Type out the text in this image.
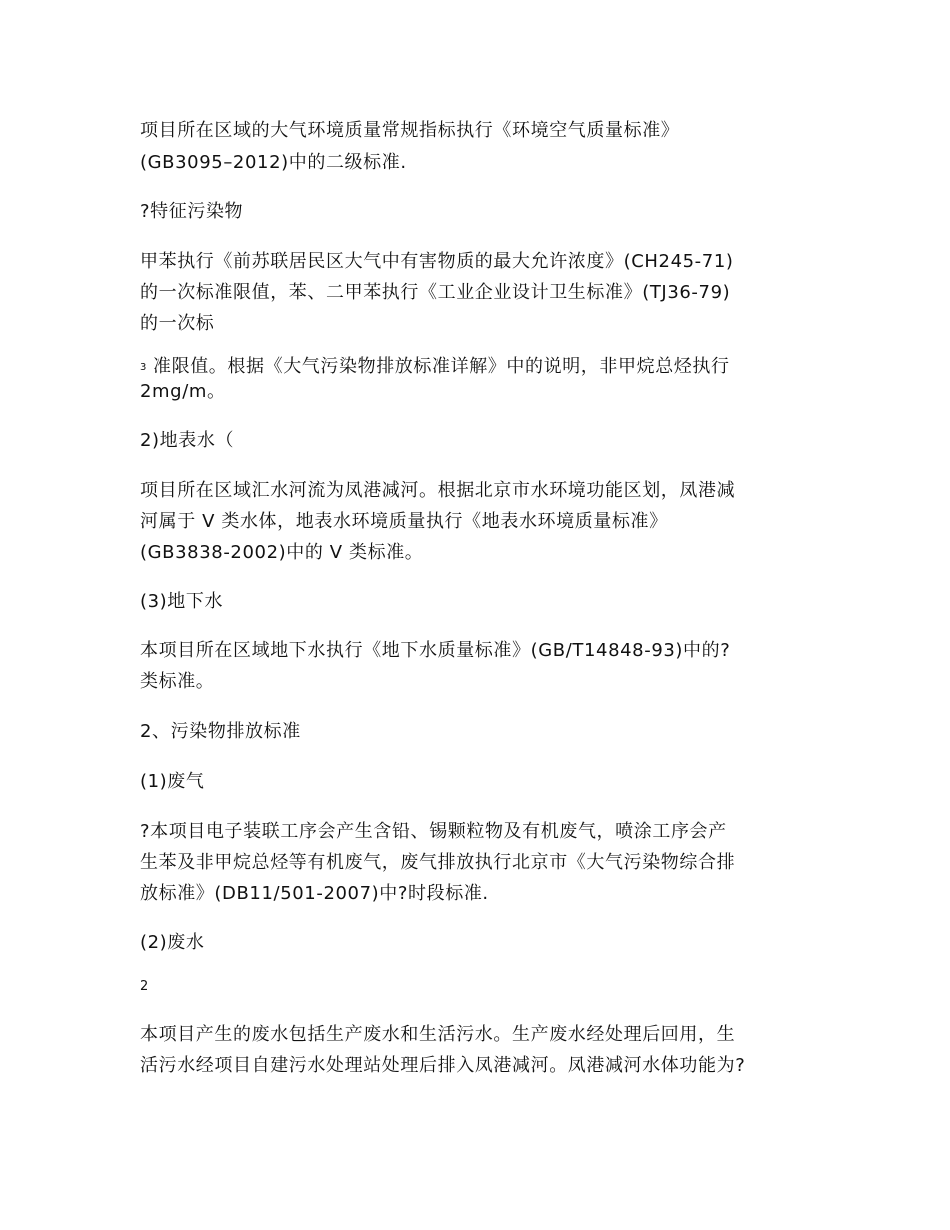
项目所在区域的大气环境质量常规指标执行《环境空气质量标准》
(GB3095–2012)中的二级标准.
?特征污染物
甲苯执行《前苏联居民区大气中有害物质的最大允许浓度》(CH245-71)
的一次标准限值，苯、二甲苯执行《工业企业设计卫生标准》(TJ36-79)
的一次标
3 准限值。根据《大气污染物排放标准详解》中的说明，非甲烷总烃执行
2mg/m。
2)地表水（
项目所在区域汇水河流为凤港减河。根据北京市水环境功能区划，凤港减
河属于 V 类水体，地表水环境质量执行《地表水环境质量标准》
(GB3838-2002)中的 V 类标准。
(3)地下水
本项目所在区域地下水执行《地下水质量标准》(GB/T14848-93)中的?
类标准。
2、污染物排放标准
(1)废气
?本项目电子装联工序会产生含铅、锡颗粒物及有机废气，喷涂工序会产
生苯及非甲烷总烃等有机废气，废气排放执行北京市《大气污染物综合排
放标准》(DB11/501-2007)中?时段标准.
(2)废水
2
本项目产生的废水包括生产废水和生活污水。生产废水经处理后回用，生
活污水经项目自建污水处理站处理后排入凤港减河。凤港减河水体功能为?
